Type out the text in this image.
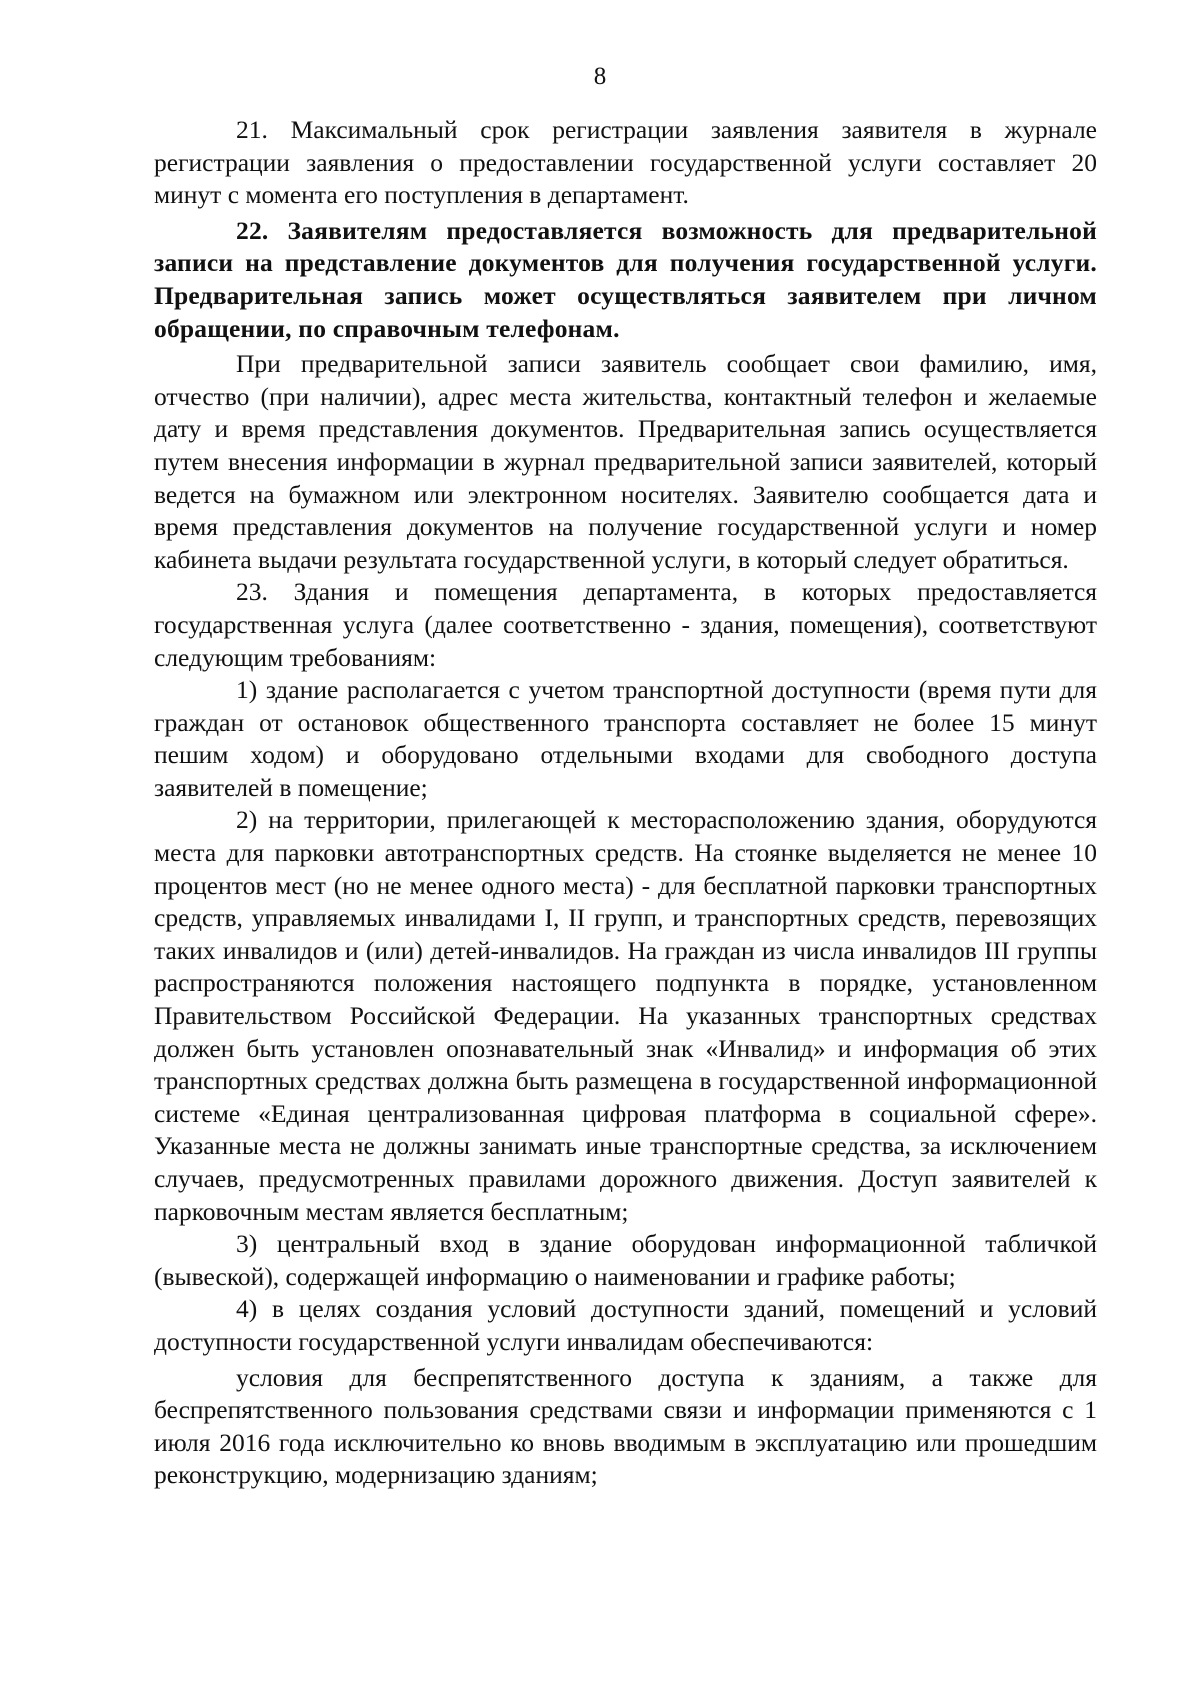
8

21. Максимальный срок регистрации заявления заявителя в журнале регистрации заявления о предоставлении государственной услуги составляет 20 минут с момента его поступления в департамент.

22. Заявителям предоставляется возможность для предварительной записи на представление документов для получения государственной услуги. Предварительная запись может осуществляться заявителем при личном обращении, по справочным телефонам.

При предварительной записи заявитель сообщает свои фамилию, имя, отчество (при наличии), адрес места жительства, контактный телефон и желаемые дату и время представления документов. Предварительная запись осуществляется путем внесения информации в журнал предварительной записи заявителей, который ведется на бумажном или электронном носителях. Заявителю сообщается дата и время представления документов на получение государственной услуги и номер кабинета выдачи результата государственной услуги, в который следует обратиться.

23. Здания и помещения департамента, в которых предоставляется государственная услуга (далее соответственно - здания, помещения), соответствуют следующим требованиям:

1) здание располагается с учетом транспортной доступности (время пути для граждан от остановок общественного транспорта составляет не более 15 минут пешим ходом) и оборудовано отдельными входами для свободного доступа заявителей в помещение;

2) на территории, прилегающей к месторасположению здания, оборудуются места для парковки автотранспортных средств. На стоянке выделяется не менее 10 процентов мест (но не менее одного места) - для бесплатной парковки транспортных средств, управляемых инвалидами I, II групп, и транспортных средств, перевозящих таких инвалидов и (или) детей-инвалидов. На граждан из числа инвалидов III группы распространяются положения настоящего подпункта в порядке, установленном Правительством Российской Федерации. На указанных транспортных средствах должен быть установлен опознавательный знак «Инвалид» и информация об этих транспортных средствах должна быть размещена в государственной информационной системе «Единая централизованная цифровая платформа в социальной сфере». Указанные места не должны занимать иные транспортные средства, за исключением случаев, предусмотренных правилами дорожного движения. Доступ заявителей к парковочным местам является бесплатным;

3) центральный вход в здание оборудован информационной табличкой (вывеской), содержащей информацию о наименовании и графике работы;

4) в целях создания условий доступности зданий, помещений и условий доступности государственной услуги инвалидам обеспечиваются:

условия для беспрепятственного доступа к зданиям, а также для беспрепятственного пользования средствами связи и информации применяются с 1 июля 2016 года исключительно ко вновь вводимым в эксплуатацию или прошедшим реконструкцию, модернизацию зданиям;
